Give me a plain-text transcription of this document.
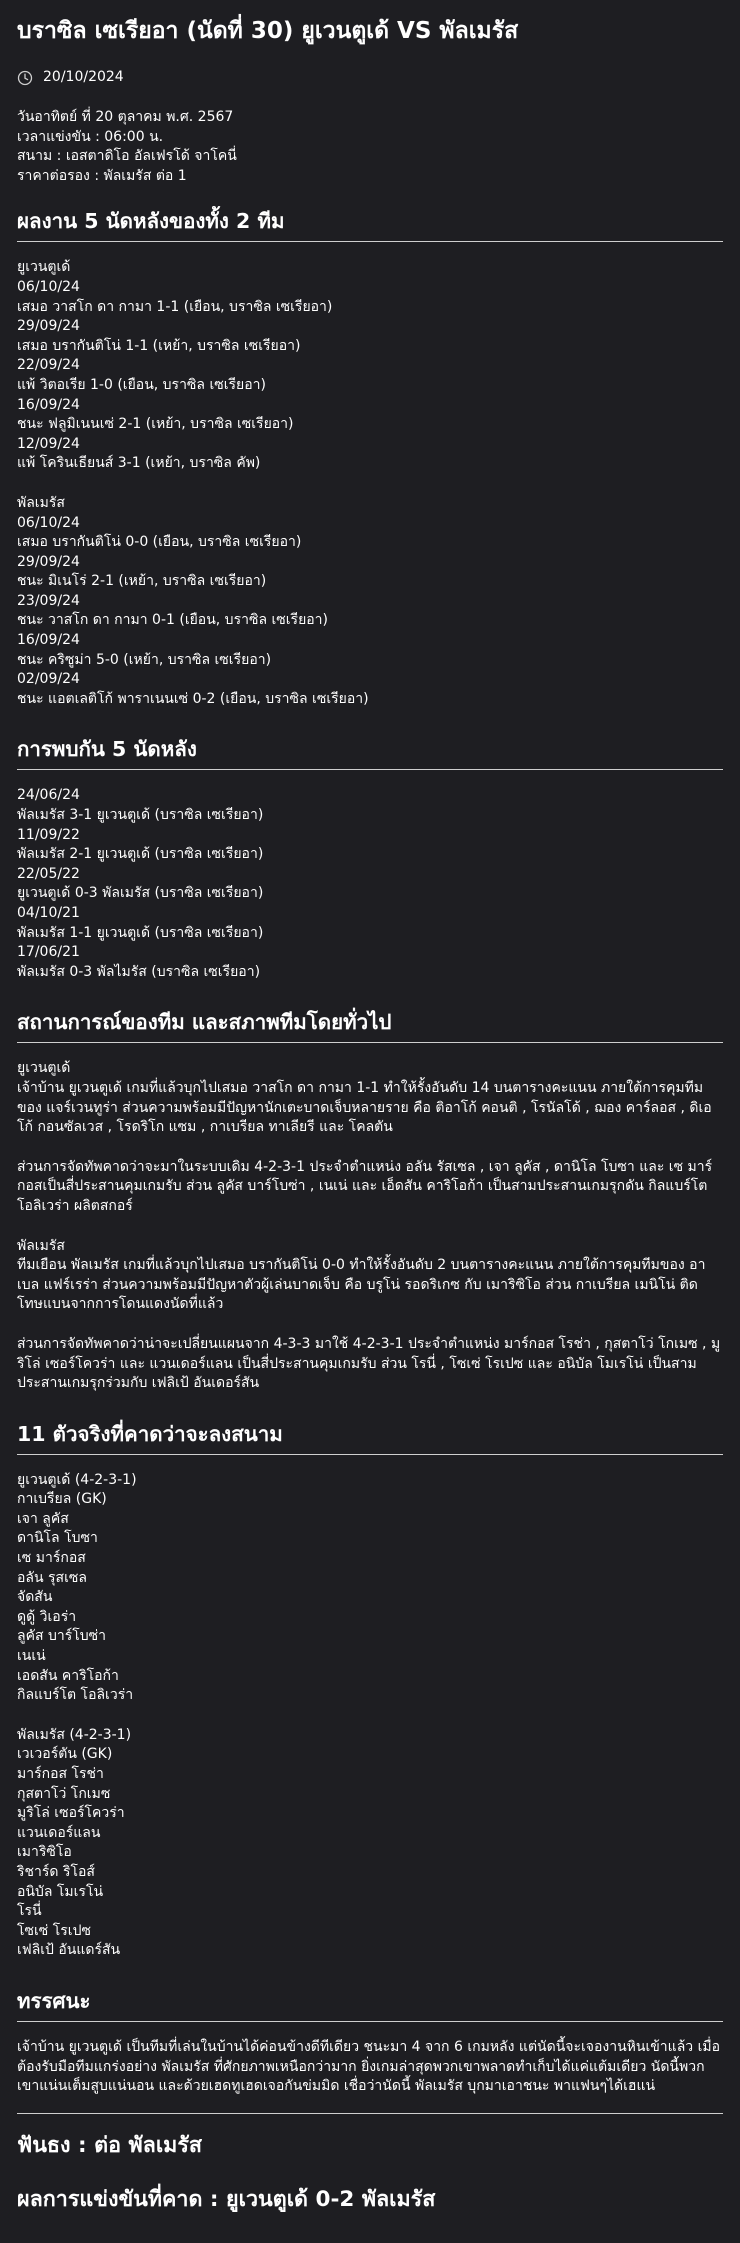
บราซิล เซเรียอา (นัดที่ 30) ยูเวนตูเด้ VS พัลเมรัส
20/10/2024

วันอาทิตย์ ที่ 20 ตุลาคม พ.ศ. 2567

เวลาแข่งขัน : 06:00 น.

สนาม : เอสตาดิโอ อัลเฟรโด้ จาโคนี่

ราคาต่อรอง : พัลเมรัส ต่อ 1

ผลงาน 5 นัดหลังของทั้ง 2 ทีม

ยูเวนตูเด้

06/10/24

เสมอ วาสโก ดา กามา 1-1 (เยือน, บราซิล เซเรียอา)

29/09/24

เสมอ บรากันติโน่ 1-1 (เหย้า, บราซิล เซเรียอา)

22/09/24

แพ้ วิตอเรีย 1-0 (เยือน, บราซิล เซเรียอา)

16/09/24

ชนะ ฟลูมิเนนเซ่ 2-1 (เหย้า, บราซิล เซเรียอา)

12/09/24

แพ้ โครินเธียนส์ 3-1 (เหย้า, บราซิล คัพ)

พัลเมรัส

06/10/24

เสมอ บรากันติโน่ 0-0 (เยือน, บราซิล เซเรียอา)

29/09/24

ชนะ มิเนโร่ 2-1 (เหย้า, บราซิล เซเรียอา)

23/09/24

ชนะ วาสโก ดา กามา 0-1 (เยือน, บราซิล เซเรียอา)

16/09/24

ชนะ คริซูม่า 5-0 (เหย้า, บราซิล เซเรียอา)

02/09/24

ชนะ แอตเลติโก้ พาราเนนเซ่ 0-2 (เยือน, บราซิล เซเรียอา)

การพบกัน 5 นัดหลัง

24/06/24

พัลเมรัส 3-1 ยูเวนตูเด้ (บราซิล เซเรียอา)

11/09/22

พัลเมรัส 2-1 ยูเวนตูเด้ (บราซิล เซเรียอา)

22/05/22

ยูเวนตูเด้ 0-3 พัลเมรัส (บราซิล เซเรียอา)

04/10/21

พัลเมรัส 1-1 ยูเวนตูเด้ (บราซิล เซเรียอา)

17/06/21

พัลเมรัส 0-3 พัลไมรัส (บราซิล เซเรียอา)

สถานการณ์ของทีม และสภาพทีมโดยทั่วไป

ยูเวนตูเด้

เจ้าบ้าน ยูเวนตูเด้ เกมที่แล้วบุกไปเสมอ วาสโก ดา กามา 1-1 ทำให้รั้งอันดับ 14 บนตารางคะแนน ภายใต้การคุมทีมของ แจร์เวนทูร่า ส่วนความพร้อมมีปัญหานักเตะบาดเจ็บหลายราย คือ ติอาโก้ คอนติ , โรนัลโด้ , ฌอง คาร์ลอส , ดิเอโก้ กอนซัลเวส , โรดริโก แซม , กาเบรียล ทาเลียรี และ โคลตัน

ส่วนการจัดทัพคาดว่าจะมาในระบบเดิม 4-2-3-1 ประจำตำแหน่ง อลัน รัสเซล , เจา ลูคัส , ดานิโล โบซา และ เซ มาร์กอสเป็นสี่ประสานคุมเกมรับ ส่วน ลูคัส บาร์โบซ่า , เนเน่ และ เอ็ดสัน คาริโอก้า เป็นสามประสานเกมรุกดัน กิลแบร์โต โอลิเวร่า ผลิตสกอร์

พัลเมรัส

ทีมเยือน พัลเมรัส เกมที่แล้วบุกไปเสมอ บรากันติโน่ 0-0 ทำให้รั้งอันดับ 2 บนตารางคะแนน ภายใต้การคุมทีมของ อาเบล แฟร์เรร่า ส่วนความพร้อมมีปัญหาตัวผู้เล่นบาดเจ็บ คือ บรูโน่ รอดริเกซ กับ เมาริซิโอ ส่วน กาเบรียล เมนิโน่ ติดโทษแบนจากการโดนแดงนัดที่แล้ว

ส่วนการจัดทัพคาดว่าน่าจะเปลี่ยนแผนจาก 4-3-3 มาใช้ 4-2-3-1 ประจำตำแหน่ง มาร์กอส โรช่า , กุสตาโว่ โกเมซ , มูริโล่ เซอร์โควร่า และ แวนเดอร์แลน เป็นสี่ประสานคุมเกมรับ ส่วน โรนี่ , โซเซ่ โรเปซ และ อนิบัล โมเรโน่ เป็นสามประสานเกมรุกร่วมกับ เฟลิเป้ อันเดอร์สัน

11 ตัวจริงที่คาดว่าจะลงสนาม

ยูเวนตูเด้ (4-2-3-1)

กาเบรียล (GK)

เจา ลูคัส

ดานิโล โบซา

เซ มาร์กอส

อลัน รุสเซล

จัดสัน

ดูดู้ วิเอร่า

ลูคัส บาร์โบซ่า

เนเน่

เอดสัน คาริโอก้า

กิลแบร์โต โอลิเวร่า

พัลเมรัส (4-2-3-1)

เวเวอร์ตัน (GK)

มาร์กอส โรช่า

กุสตาโว่ โกเมซ

มูริโล่ เซอร์โควร่า

แวนเดอร์แลน

เมาริซิโอ

ริชาร์ด ริโอส์

อนิบัล โมเรโน่

โรนี่

โซเซ่ โรเปซ

เฟลิเป้ อันแดร์สัน

ทรรศนะ

เจ้าบ้าน ยูเวนตูเด้ เป็นทีมที่เล่นในบ้านได้ค่อนข้างดีทีเดียว ชนะมา 4 จาก 6 เกมหลัง แต่นัดนี้จะเจองานหินเข้าแล้ว เมื่อต้องรับมือทีมแกร่งอย่าง พัลเมรัส ที่ศักยภาพเหนือกว่ามาก ยิ่งเกมล่าสุดพวกเขาพลาดทำเก็บได้แค่แต้มเดียว นัดนี้พวกเขาแน่นเต็มสูบแน่นอน และด้วยเฮดทูเฮดเจอกันข่มมิด เชื่อว่านัดนี้ พัลเมรัส บุกมาเอาชนะ พาแฟนๆได้เฮแน่

ฟันธง : ต่อ พัลเมรัส

ผลการแข่งขันที่คาด : ยูเวนตูเด้ 0-2 พัลเมรัส
